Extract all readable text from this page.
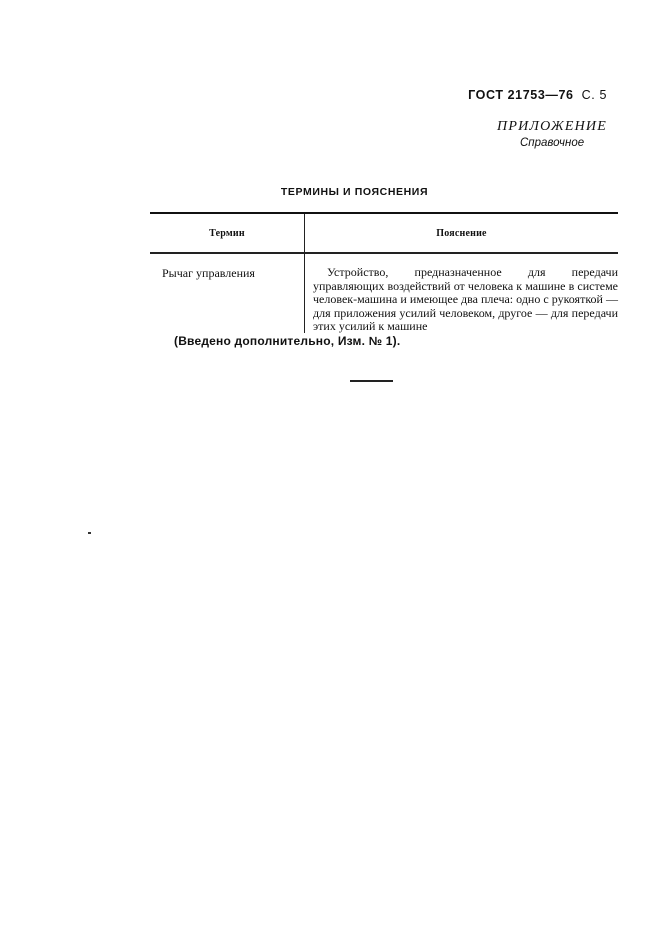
ГОСТ 21753—76 С. 5
ПРИЛОЖЕНИЕ
Справочное
ТЕРМИНЫ И ПОЯСНЕНИЯ
Термин	Пояснение
Рычаг управления	Устройство, предназначенное для передачи управляющих воздействий от человека к машине в системе человек-машина и имеющее два плеча: одно с рукояткой — для приложения усилий человеком, другое — для передачи этих усилий к машине
(Введено дополнительно, Изм. № 1).
